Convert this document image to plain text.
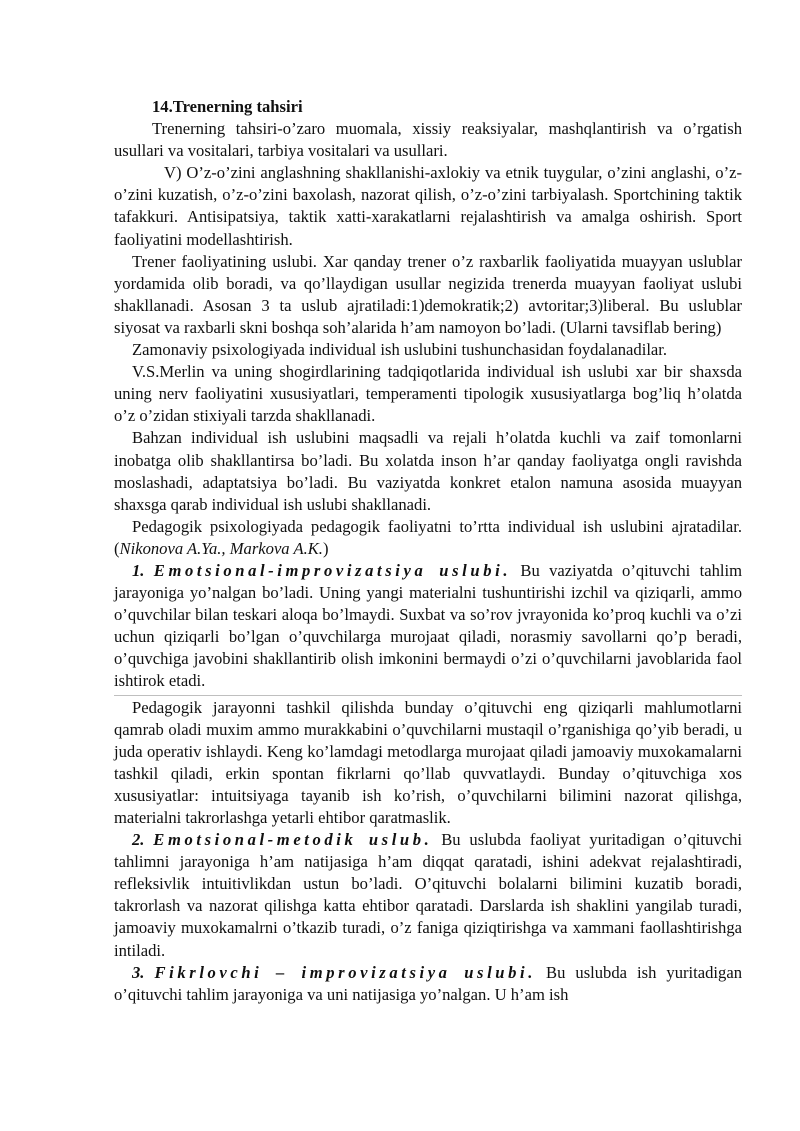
14.Trenerning tahsiri

Trenerning tahsiri-o’zaro muomala, xissiy reaksiyalar, mashqlantirish va o’rgatish usullari va vositalari, tarbiya vositalari va usullari.

V) O’z-o’zini anglashning shakllanishi-axlokiy va etnik tuygular, o’zini anglashi, o’z-o’zini kuzatish, o’z-o’zini baxolash, nazorat qilish, o’z-o’zini tarbiyalash. Sportchining taktik tafakkuri. Antisipatsiya, taktik xatti-xarakatlarni rejalashtirish va amalga oshirish. Sport faoliyatini modellashtirish.

Trener faoliyatining uslubi. Xar qanday trener o’z raxbarlik faoliyatida muayyan uslublar yordamida olib boradi, va qo’llaydigan usullar negizida trenerda muayyan faoliyat uslubi shakllanadi. Asosan 3 ta uslub ajratiladi:1)demokratik;2) avtoritar;3)liberal. Bu uslublar siyosat va raxbarli skni boshqa soh’alarida h’am namoyon bo’ladi. (Ularni tavsiflab bering)

Zamonaviy psixologiyada individual ish uslubini tushunchasidan foydalanadilar.

V.S.Merlin va uning shogirdlarining tadqiqotlarida individual ish uslubi xar bir shaxsda uning nerv faoliyatini xususiyatlari, temperamenti tipologik xususiyatlarga bog’liq h’olatda o’z o’zidan stixiyali tarzda shakllanadi.

Bahzan individual ish uslubini maqsadli va rejali h’olatda kuchli va zaif tomonlarni inobatga olib shakllantirsa bo’ladi. Bu xolatda inson h’ar qanday faoliyatga ongli ravishda moslashadi, adaptatsiya bo’ladi. Bu vaziyatda konkret etalon namuna asosida muayyan shaxsga qarab individual ish uslubi shakllanadi.

Pedagogik psixologiyada pedagogik faoliyatni to’rtta individual ish uslubini ajratadilar. (Nikonova A.Ya., Markova A.K.)

1. Emotsional-improvizatsiya uslubi. Bu vaziyatda o’qituvchi tahlim jarayoniga yo’nalgan bo’ladi. Uning yangi materialni tushuntirishi izchil va qiziqarli, ammo o’quvchilar bilan teskari aloqa bo’lmaydi. Suxbat va so’rov jvrayonida ko’proq kuchli va o’zi uchun qiziqarli bo’lgan o’quvchilarga murojaat qiladi, norasmiy savollarni qo’p beradi, o’quvchiga javobini shakllantirib olish imkonini bermaydi o’zi o’quvchilarni javoblarida faol ishtirok etadi.

Pedagogik jarayonni tashkil qilishda bunday o’qituvchi eng qiziqarli mahlumotlarni qamrab oladi muxim ammo murakkabini o’quvchilarni mustaqil o’rganishiga qo’yib beradi, u juda operativ ishlaydi. Keng ko’lamdagi metodlarga murojaat qiladi jamoaviy muxokamalarni tashkil qiladi, erkin spontan fikrlarni qo’llab quvvatlaydi. Bunday o’qituvchiga xos xususiyatlar: intuitsiyaga tayanib ish ko’rish, o’quvchilarni bilimini nazorat qilishga, materialni takrorlashga yetarli ehtibor qaratmaslik.

2. Emotsional-metodik uslub. Bu uslubda faoliyat yuritadigan o’qituvchi tahlimni jarayoniga h’am natijasiga h’am diqqat qaratadi, ishini adekvat rejalashtiradi, refleksivlik intuitivlikdan ustun bo’ladi. O’qituvchi bolalarni bilimini kuzatib boradi, takrorlash va nazorat qilishga katta ehtibor qaratadi. Darslarda ish shaklini yangilab turadi, jamoaviy muxokamalrni o’tkazib turadi, o’z faniga qiziqtirishga va xammani faollashtirishga intiladi.

3. Fikrlovchi – improvizatsiya uslubi. Bu uslubda ish yuritadigan o’qituvchi tahlim jarayoniga va uni natijasiga yo’nalgan. U h’am ish
